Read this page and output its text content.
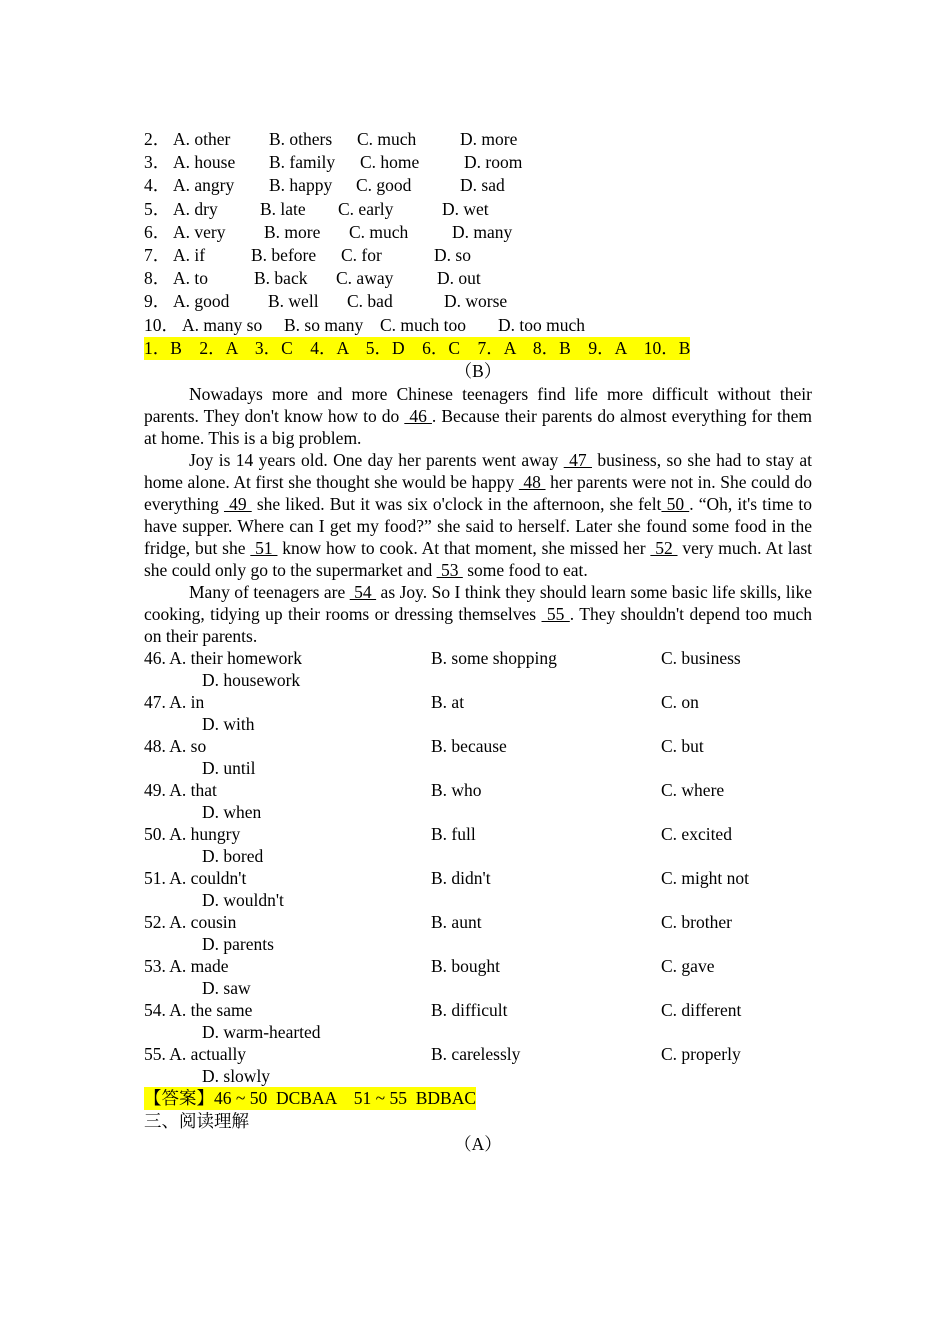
2． A. other B. others C. much D. more
3． A. house B. family C. home	D. room
4． A. angry B. happy C. good	D. sad
5． A. dry B. late C. early	D. wet
6． A. very B. more C. much D. many
7． A. if	B. before C. for	D. so
8． A. to	B. back C. away D. out
9． A. good B. well C. bad	D. worse
10． A. many so B. so many C. much too D. too much
1．B　2．A　3．C　4．A　5．D　6．C　7．A　8．B　9．A　10．B
（B）
Nowadays more and more Chinese teenagers find life more difficult without their parents. They don't know how to do  46 . Because their parents do almost everything for them at home. This is a big problem.
Joy is 14 years old. One day her parents went away  47  business, so she had to stay at home alone. At first she thought she would be happy  48  her parents were not in. She could do everything  49  she liked. But it was six o'clock in the afternoon, she felt 50 . “Oh, it's time to have supper. Where can I get my food?” she said to herself. Later she found some food in the fridge, but she  51  know how to cook. At that moment, she missed her  52  very much. At last she could only go to the supermarket and  53  some food to eat.
Many of teenagers are  54  as Joy. So I think they should learn some basic life skills, like cooking, tidying up their rooms or dressing themselves  55 . They shouldn't depend too much on their parents.
46. A. their homework	B. some shopping	C. business
D. housework
47. A. in	B. at	C. on
D. with
48. A. so	B. because	C. but
D. until
49. A. that	B. who	C. where
D. when
50. A. hungry	B. full	C. excited
D. bored
51. A. couldn't	B. didn't	C. might not
D. wouldn't
52. A. cousin	B. aunt	C. brother
D. parents
53. A. made	B. bought	C. gave
D. saw
54. A. the same	B. difficult	C. different
D. warm-hearted
55. A. actually	B. carelessly	C. properly
D. slowly
【答案】46 ~ 50  DCBAA　51 ~ 55  BDBAC
三、阅读理解
（A）
